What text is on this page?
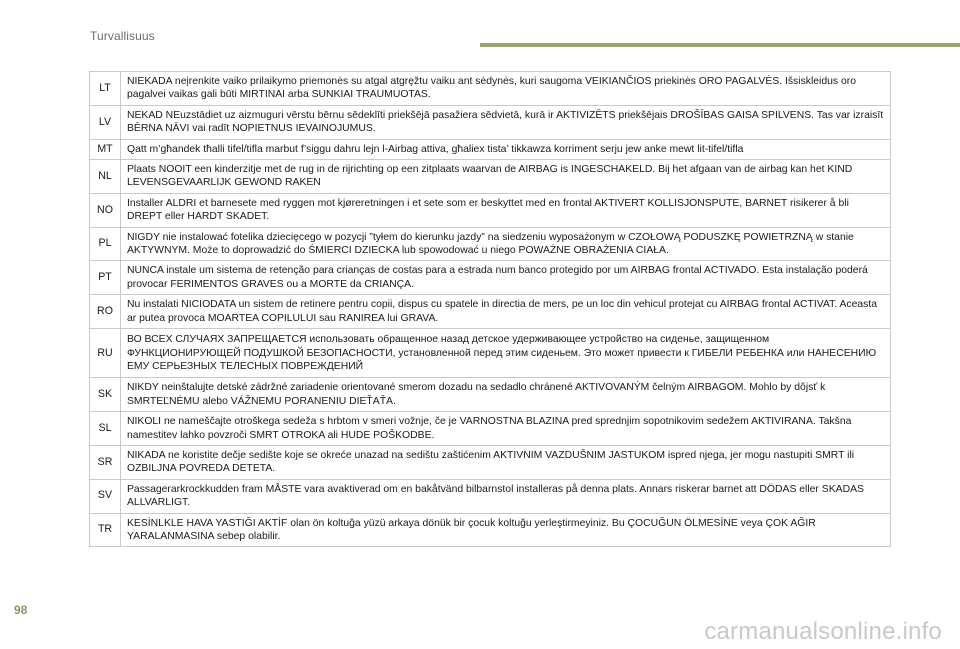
Turvallisuus
LT	NIEKADA neįrenkite vaiko prilaikymo priemonės su atgal atgręžtu vaiku ant sėdynės, kuri saugoma VEIKIANČIOS priekinės ORO PAGALVĖS. Išsiskleidus oro pagalvei vaikas gali būti MIRTINAI arba SUNKIAI TRAUMUOTAS.
LV	NEKAD NEuzstādiet uz aizmuguri vērstu bērnu sēdeklīti priekšējā pasažiera sēdvietā, kurā ir AKTIVIZĒTS priekšējais DROŠĪBAS GAISA SPILVENS. Tas var izraisīt BĒRNA NĀVI vai radīt NOPIETNUS IEVAINOJUMUS.
MT	Qatt m’għandek tħalli tifel/tifla marbut f’siggu dahru lejn l-Airbag attiva, għaliex tista’ tikkawza korriment serju jew anke mewt lit-tifel/tifla
NL	Plaats NOOIT een kinderzitje met de rug in de rijrichting op een zitplaats waarvan de AIRBAG is INGESCHAKELD. Bij het afgaan van de airbag kan het KIND LEVENSGEVAARLIJK GEWOND RAKEN
NO	Installer ALDRI et barnesete med ryggen mot kjøreretningen i et sete som er beskyttet med en frontal AKTIVERT KOLLISJONSPUTE, BARNET risikerer å bli DREPT eller HARDT SKADET.
PL	NIGDY nie instalować fotelika dziecięcego w pozycji ”tyłem do kierunku jazdy” na siedzeniu wyposażonym w CZOŁOWĄ PODUSZKĘ POWIETRZNĄ w stanie AKTYWNYM. Może to doprowadzić do ŚMIERCI DZIECKA lub spowodować u niego POWAŻNE OBRAŻENIA CIAŁA.
PT	NUNCA instale um sistema de retenção para crianças de costas para a estrada num banco protegido por um AIRBAG frontal ACTIVADO. Esta instalação poderá provocar FERIMENTOS GRAVES ou a MORTE da CRIANÇA.
RO	Nu instalati NICIODATA un sistem de retinere pentru copii, dispus cu spatele in directia de mers, pe un loc din vehicul protejat cu AIRBAG frontal ACTIVAT. Aceasta ar putea provoca MOARTEA COPILULUI sau RANIREA lui GRAVA.
RU	ВО ВСЕХ СЛУЧАЯХ ЗАПРЕЩАЕТСЯ использовать обращенное назад детское удерживающее устройство на сиденье, защищенном ФУНКЦИОНИРУЮЩЕЙ ПОДУШКОЙ БЕЗОПАСНОСТИ, установленной перед этим сиденьем. Это может привести к ГИБЕЛИ РЕБЕНКА или НАНЕСЕНИЮ ЕМУ СЕРЬЕЗНЫХ ТЕЛЕСНЫХ ПОВРЕЖДЕНИЙ
SK	NIKDY neinštalujte detské zádržné zariadenie orientované smerom dozadu na sedadlo chránené AKTIVOVANÝM čelným AIRBAGOM. Mohlo by dôjsť k SMRTEĽNÉMU alebo VÁŽNEMU PORANENIU DIEŤAŤA.
SL	NIKOLI ne nameščajte otroškega sedeža s hrbtom v smeri vožnje, če je VARNOSTNA BLAZINA pred sprednjim sopotnikovim sedežem AKTIVIRANA. Takšna namestitev lahko povzroči SMRT OTROKA ali HUDE POŠKODBE.
SR	NIKADA ne koristite dečje sedište koje se okreće unazad na sedištu zaštićenim AKTIVNIM VAZDUŠNIM JASTUKOM ispred njega, jer mogu nastupiti SMRT ili OZBILJNA POVREDA DETETA.
SV	Passagerarkrockkudden fram MÅSTE vara avaktiverad om en bakåtvänd bilbarnstol installeras på denna plats. Annars riskerar barnet att DÖDAS eller SKADAS ALLVARLIGT.
TR	KESİNLKLE HAVA YASTIĞI AKTİF olan ön koltuğa yüzü arkaya dönük bir çocuk koltuğu yerleştirmeyiniz. Bu ÇOCUĞUN ÖLMESİNE veya ÇOK AĞIR YARALANMASINA sebep olabilir.
98
carmanualsonline.info
